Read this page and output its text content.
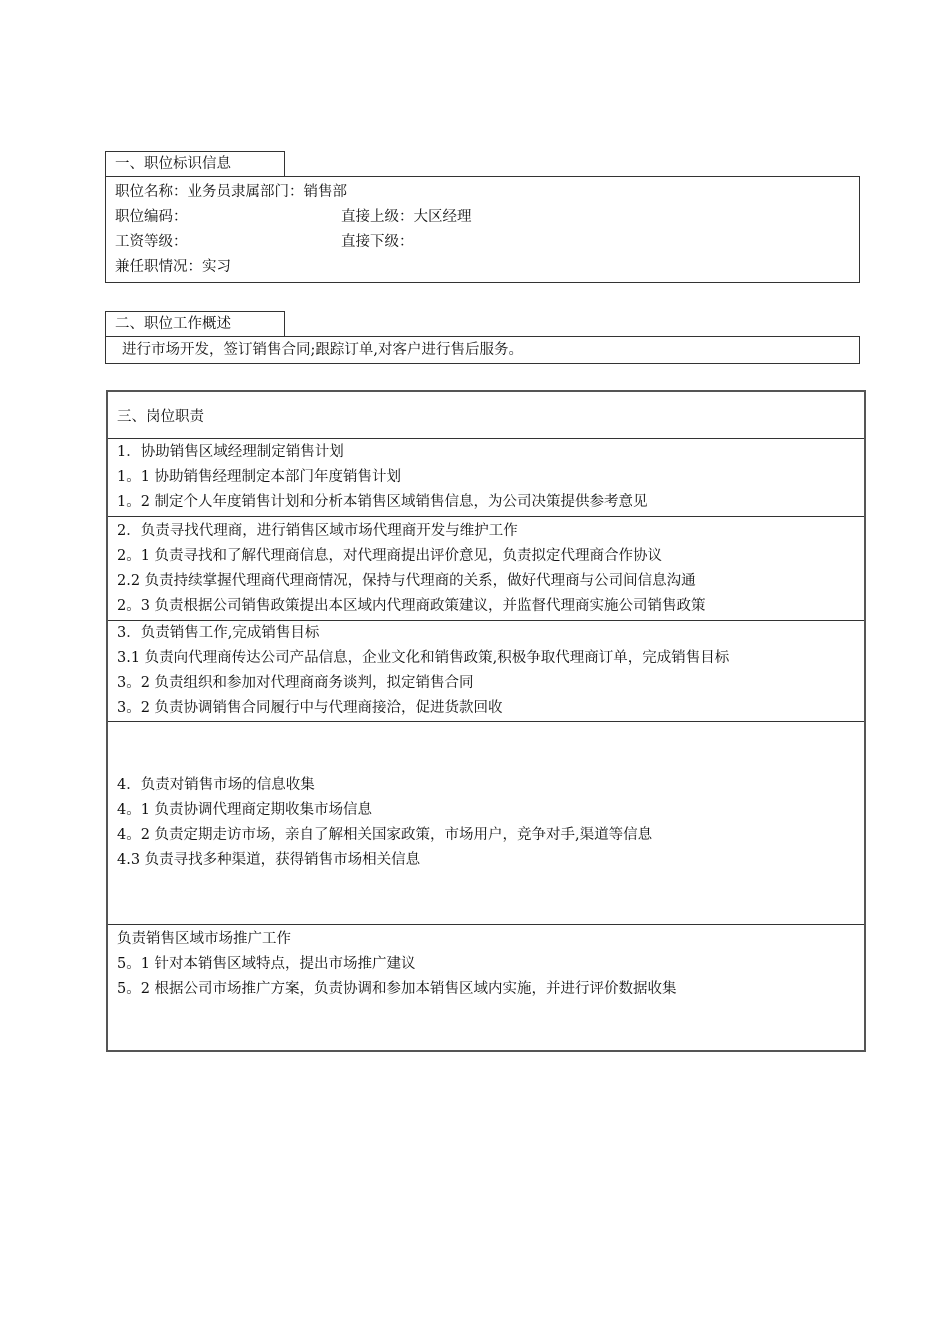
一、职位标识信息
职位名称：业务员隶属部门：销售部
职位编码：	直接上级：大区经理
工资等级：	直接下级：
兼任职情况：实习
二、职位工作概述
进行市场开发，签订销售合同;跟踪订单,对客户进行售后服务。
三、岗位职责
1．协助销售区域经理制定销售计划
1。1 协助销售经理制定本部门年度销售计划
1。2 制定个人年度销售计划和分析本销售区域销售信息，为公司决策提供参考意见
2．负责寻找代理商，进行销售区域市场代理商开发与维护工作
2。1 负责寻找和了解代理商信息，对代理商提出评价意见，负责拟定代理商合作协议
2.2 负责持续掌握代理商代理商情况，保持与代理商的关系，做好代理商与公司间信息沟通
2。3 负责根据公司销售政策提出本区域内代理商政策建议，并监督代理商实施公司销售政策
3．负责销售工作,完成销售目标
3.1 负责向代理商传达公司产品信息，企业文化和销售政策,积极争取代理商订单，完成销售目标
3。2 负责组织和参加对代理商商务谈判，拟定销售合同
3。2 负责协调销售合同履行中与代理商接洽，促进货款回收
4．负责对销售市场的信息收集
4。1 负责协调代理商定期收集市场信息
4。2 负责定期走访市场，亲自了解相关国家政策，市场用户，竞争对手,渠道等信息
4.3 负责寻找多种渠道，获得销售市场相关信息
负责销售区域市场推广工作
5。1 针对本销售区域特点，提出市场推广建议
5。2 根据公司市场推广方案，负责协调和参加本销售区域内实施，并进行评价数据收集
